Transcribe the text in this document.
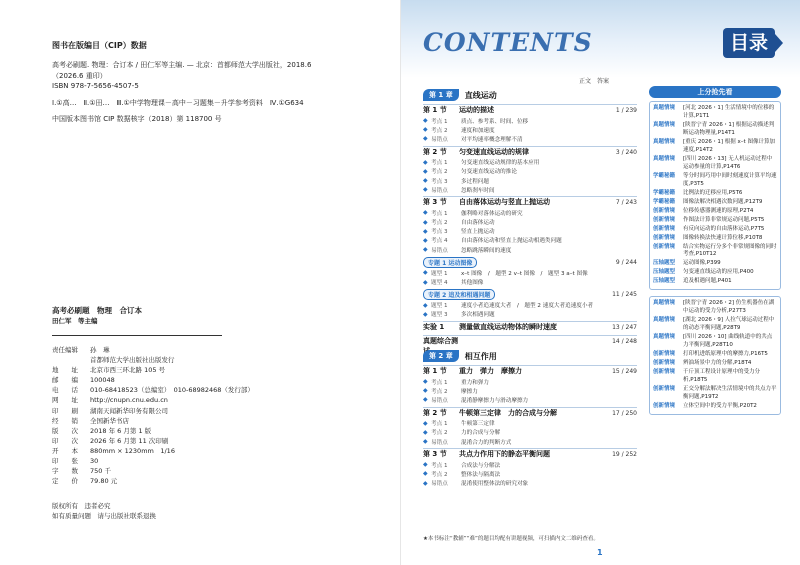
图书在版编目（CIP）数据
高考必刷题. 物理：合订本 / 田仁军等主编. — 北京：首都师范大学出版社，2018.6
（2026.6 重印）
ISBN 978-7-5656-4507-5
Ⅰ.①高…　Ⅱ.①田…　Ⅲ.①中学物理课－高中－习题集－升学参考资料　Ⅳ.①G634
中国版本图书馆 CIP 数据核字（2018）第 118700 号
高考必刷题　物理　合订本
田仁军　等主编
责任编辑	孙　琳
	首都师范大学出版社出版发行
地　　址	北京市西三环北路 105 号
邮　　编	100048
电　　话	010-68418523（总编室）　010-68982468（发行部）
网　　址	http://cnupn.cnu.edu.cn
印　　刷	湖南天闻新华印务有限公司
经　　销	全国新华书店
版　　次	2018 年 6 月第 1 版
印　　次	2026 年 6 月第 11 次印刷
开　　本	880mm × 1230mm　1/16
印　　张	30
字　　数	750 千
定　　价	79.80 元
版权所有　违者必究
如有质量问题　请与出版社联系退换
CONTENTS	目录
正文　答案
第 1 章	直线运动
第 1 节	运动的描述	1 / 239
◆ 考点 1	质点、参考系、时间、位移
◆ 考点 2	速度和加速度
◆ 易错点	对平均速率概念理解不清
第 2 节	匀变速直线运动的规律	3 / 240
◆ 考点 1	匀变速直线运动规律的基本应用
◆ 考点 2	匀变速直线运动的推论
◆ 考点 3	多过程问题
◆ 易错点	忽略刹车时间
第 3 节	自由落体运动与竖直上抛运动	7 / 243
◆ 考点 1	伽利略对落体运动的研究
◆ 考点 2	自由落体运动
◆ 考点 3	竖直上抛运动
◆ 考点 4	自由落体运动和竖直上抛运动相遇类问题
◆ 易错点	忽略跳落瞬间的速度
专题 1 运动图像	9 / 244
◆ 题型 1	x–t 图像　/　题型 2 v–t 图像　/　题型 3 a–t 图像
◆ 题型 4	其他图像
专题 2 追及和相遇问题	11 / 245
◆ 题型 1	速度小者追速度大者　/　题型 2 速度大者追速度小者
◆ 题型 3	多次相遇问题
实验 1	测量做直线运动物体的瞬时速度	13 / 247
真题综合测	14 / 248
第 2 章	相互作用
第 1 节	重力　弹力　摩擦力	15 / 249
◆ 考点 1	重力和弹力
◆ 考点 2	摩擦力
◆ 易错点	混淆静摩擦力与滑动摩擦力
第 2 节	牛顿第三定律　力的合成与分解	17 / 250
◆ 考点 1	牛顿第三定律
◆ 考点 2	力的合成与分解
◆ 易错点	混淆合力的判断方式
第 3 节	共点力作用下的静态平衡问题	19 / 252
◆ 考点 1	合成法与分解法
◆ 考点 2	整体法与隔离法
◆ 易错点	混淆使用整体法的研究对象
上分抢先看
真题情境	[河北 2026・1] 生活情境中的位移的计算,P1T1
真题情境	[陕晋宁青 2026・1] 根据运动描述判断运动物理量,P14T1
真题情境	[重庆 2026・1] 根据 x–t 图像计算加速度,P14T2
真题情境	[四川 2026・13] 无人机运动过程中运动参量的计算,P14T6
学霸秘籍	等分时间巧用中间时刻速度计算平均速度,P3T5
学霸秘籍	比例法的迁移应用,P5T6
学霸秘籍	图像法解决相遇次数问题,P12T9
创新情境	位移传感器测速的原理,P2T4
创新情境	作图法计算非常规运动问题,P5T5
创新情境	有反向运动的自由落体运动,P7T5
创新情境	图像转换法快速计算位移,P10T8
创新情境	结合实物运行分多个非常规图像的同时考查,P10T12
压轴题型	运动图像,P399
压轴题型	匀变速直线运动的应用,P400
压轴题型	追及相遇问题,P401
真题情境	[陕晋宁青 2026・2] 仿生机器鱼在湖中运动的受力分析,P27T3
真题情境	[湖北 2026・9] 人拉气球运动过程中的动态平衡问题,P28T9
真题情境	[四川 2026・10] 曲线轨道中的共点力平衡问题,P28T10
创新情境	打印机进纸原理中的摩擦力,P16T5
创新情境	辨油场景中力的分解,P18T4
创新情境	千斤顶工程设计原理中的受力分析,P18T5
创新情境	正交分解法解决生活情境中的共点力平衡问题,P19T2
创新情境	立体空间中的受力平衡,P20T2
★本书标注“教辅”“难”的题目均配有讲题视频，可扫描内文二维码查看。
1
